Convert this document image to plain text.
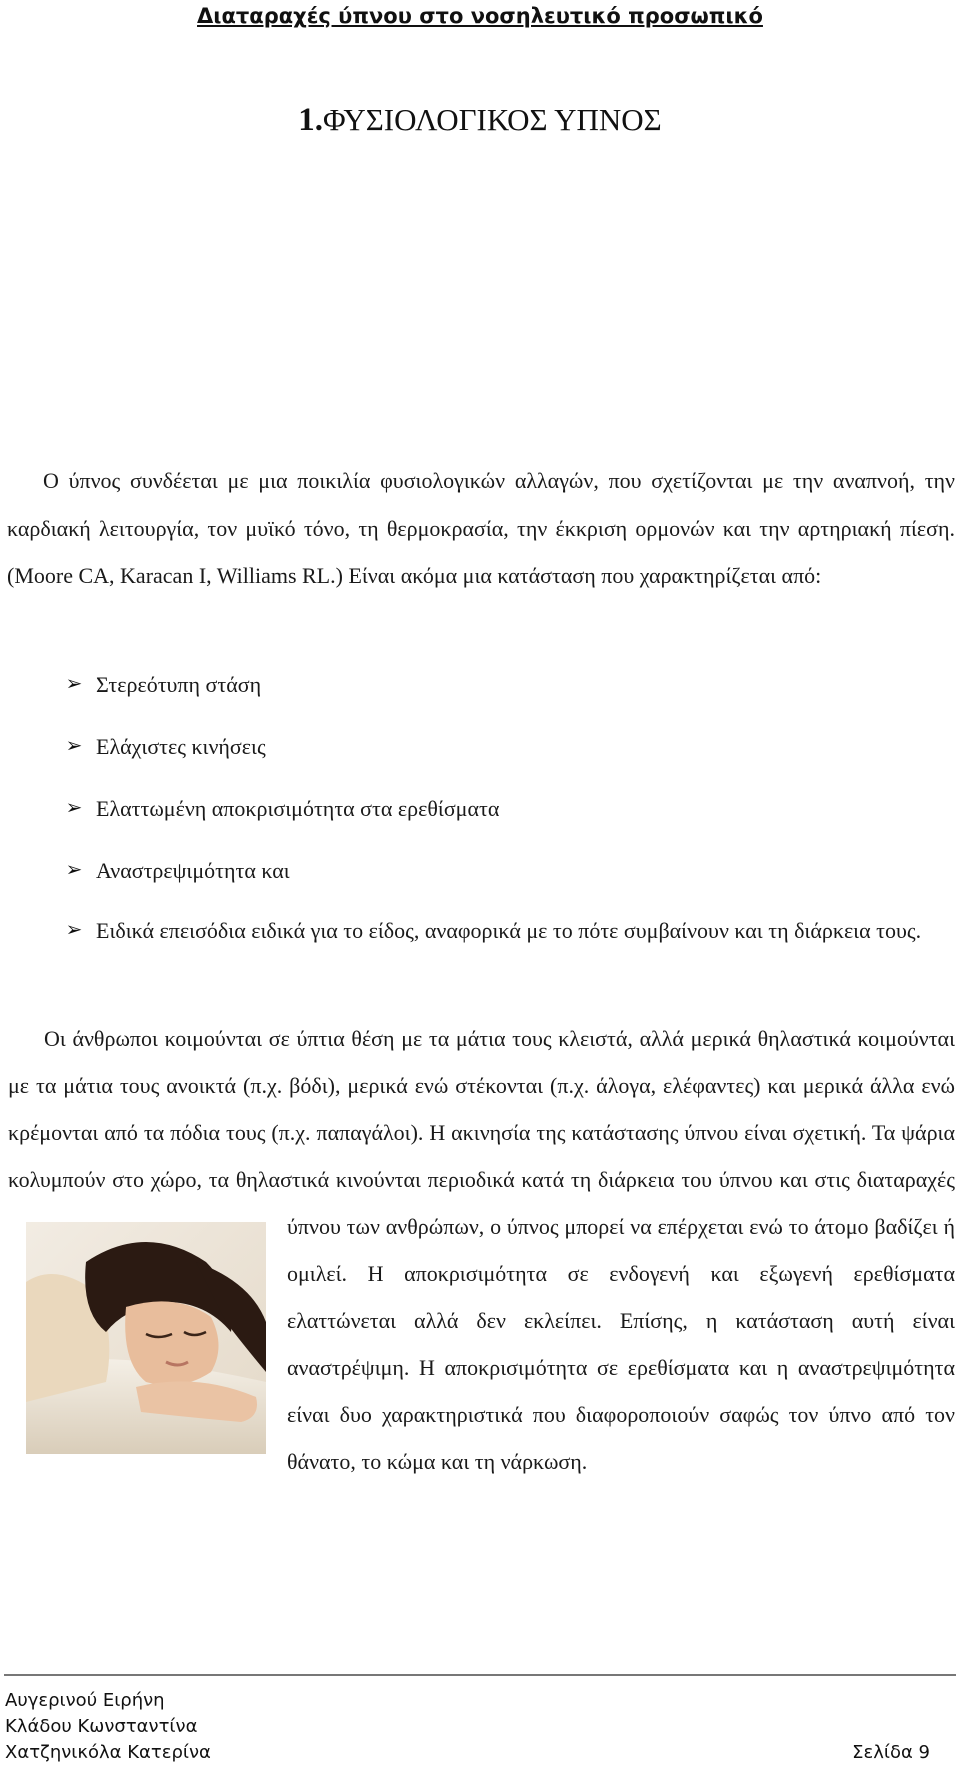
Διαταραχές ύπνου στο νοσηλευτικό προσωπικό
1.ΦΥΣΙΟΛΟΓΙΚΟΣ ΥΠΝΟΣ

Ο ύπνος συνδέεται με μια ποικιλία φυσιολογικών αλλαγών, που σχετίζονται με την αναπνοή, την καρδιακή λειτουργία, τον μυϊκό τόνο, τη θερμοκρασία, την έκκριση ορμονών και την αρτηριακή πίεση.(Moore CA, Karacan I, Williams RL.) Είναι ακόμα μια κατάσταση που χαρακτηρίζεται από:

➢ Στερεότυπη στάση
➢ Ελάχιστες κινήσεις
➢ Ελαττωμένη αποκρισιμότητα στα ερεθίσματα
➢ Αναστρεψιμότητα και
➢ Ειδικά επεισόδια ειδικά για το είδος, αναφορικά με το πότε συμβαίνουν και τη διάρκεια τους.
Οι άνθρωποι κοιμούνται σε ύπτια θέση με τα μάτια τους κλειστά, αλλά μερικά θηλαστικά κοιμούνται με τα μάτια τους ανοικτά (π.χ. βόδι), μερικά ενώ στέκονται (π.χ. άλογα, ελέφαντες) και μερικά άλλα ενώ κρέμονται από τα πόδια τους (π.χ. παπαγάλοι). Η ακινησία της κατάστασης ύπνου είναι σχετική. Τα ψάρια κολυμπούν στο χώρο, τα θηλαστικά κινούνται περιοδικά κατά τη διάρκεια του ύπνου και στις διαταραχές ύπνου των ανθρώπων, ο ύπνος μπορεί να επέρχεται ενώ το άτομο βαδίζει ή ομιλεί. Η αποκρισιμότητα σε ενδογενή και εξωγενή ερεθίσματα ελαττώνεται αλλά δεν εκλείπει. Επίσης, η κατάσταση αυτή είναι αναστρέψιμη. Η αποκρισιμότητα σε ερεθίσματα και η αναστρεψιμότητα είναι δυο χαρακτηριστικά που διαφοροποιούν σαφώς τον ύπνο από τον θάνατο, το κώμα και τη νάρκωση.
Αυγερινού Ειρήνη
Κλάδου Κωνσταντίνα
Χατζηνικόλα Κατερίνα	Σελίδα 9
